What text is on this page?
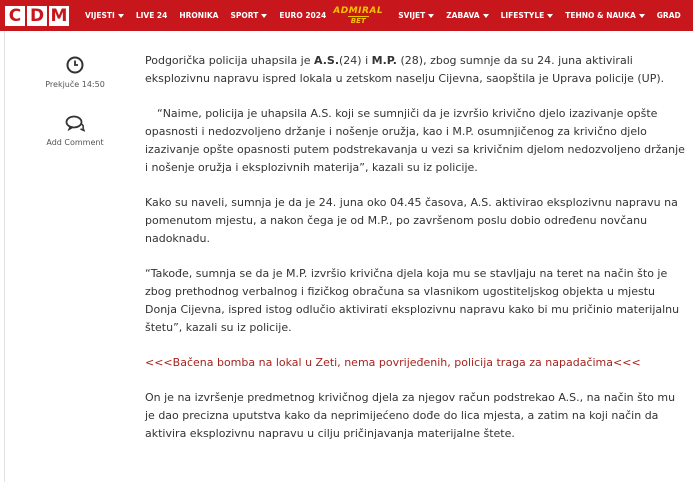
C D M VIJESTI	LIVE 24 HRONIKA SPORT	EURO 2024 ADMIRAL
BET
SVIJET	ZABAVA	LIFESTYLE	TEHNO & NAUKA	GRAD
Prekjuče 14:50
Add Comment

Podgorička policija uhapsila je A.S.(24) i M.P. (28), zbog sumnje da su 24. juna aktivirali eksplozivnu napravu ispred lokala u zetskom naselju Cijevna, saopštila je Uprava policije (UP).

“Naime, policija je uhapsila A.S. koji se sumnjiči da je izvršio krivično djelo izazivanje opšte opasnosti i nedozvoljeno držanje i nošenje oružja, kao i M.P. osumnjičenog za krivično djelo izazivanje opšte opasnosti putem podstrekavanja u vezi sa krivičnim djelom nedozvoljeno držanje i nošenje oružja i eksplozivnih materija”, kazali su iz policije.

Kako su naveli, sumnja je da je 24. juna oko 04.45 časova, A.S. aktivirao eksplozivnu napravu na pomenutom mjestu, a nakon čega je od M.P., po završenom poslu dobio određenu novčanu nadoknadu.

“Takođe, sumnja se da je M.P. izvršio krivična djela koja mu se stavljaju na teret na način što je zbog prethodnog verbalnog i fizičkog obračuna sa vlasnikom ugostiteljskog objekta u mjestu Donja Cijevna, ispred istog odlučio aktivirati eksplozivnu napravu kako bi mu pričinio materijalnu štetu”, kazali su iz policije.

<<<Bačena bomba na lokal u Zeti, nema povrijeđenih, policija traga za napadačima<<<

On je na izvršenje predmetnog krivičnog djela za njegov račun podstrekao A.S., na način što mu je dao precizna uputstva kako da neprimijećeno dođe do lica mjesta, a zatim na koji način da aktivira eksplozivnu napravu u cilju pričinjavanja materijalne štete.
